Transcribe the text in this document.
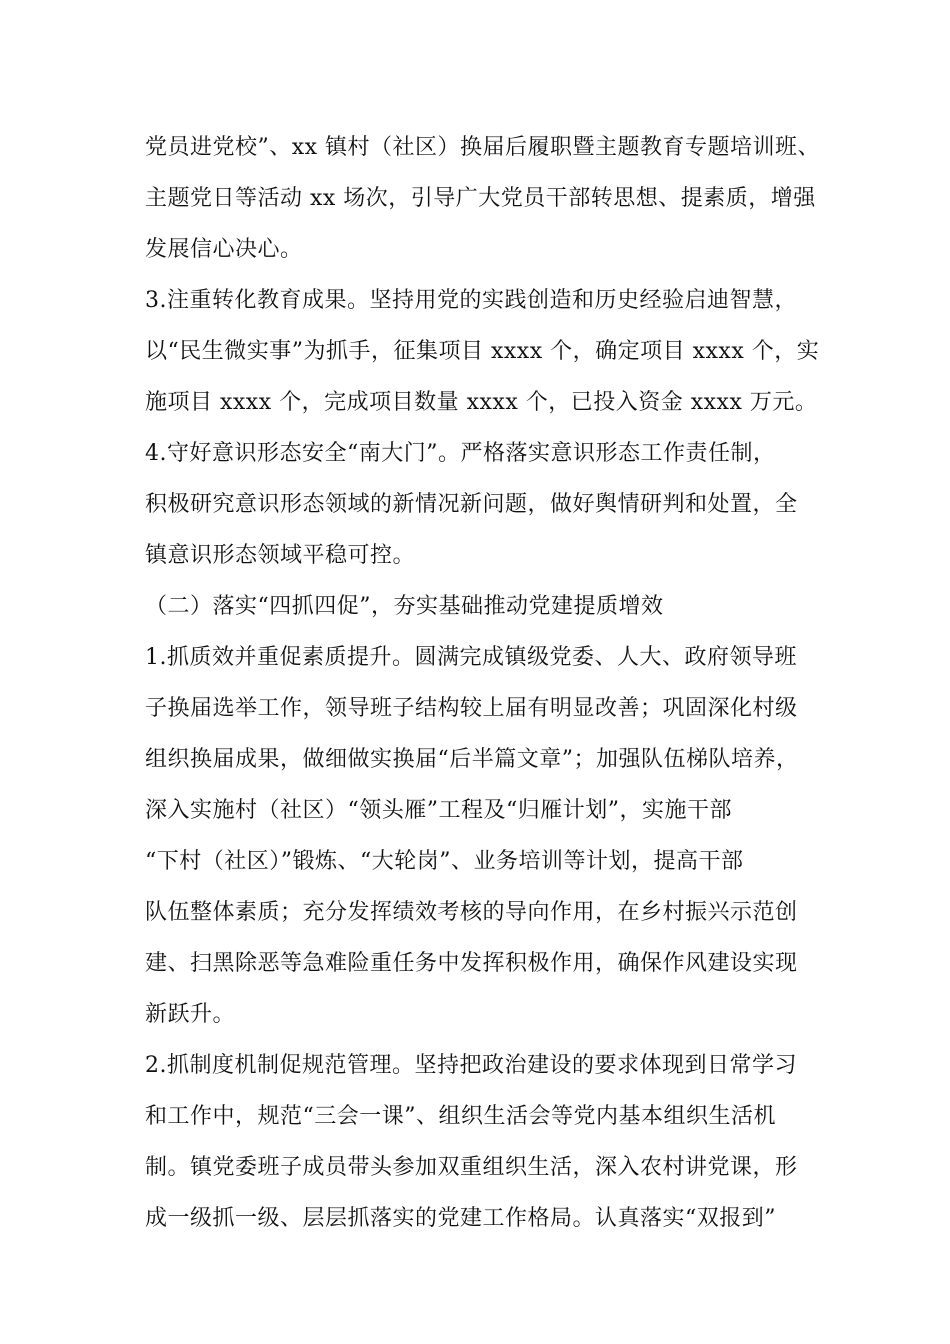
党员进党校”、xx 镇村（社区）换届后履职暨主题教育专题培训班、
主题党日等活动 xx 场次，引导广大党员干部转思想、提素质，增强
发展信心决心。
3.注重转化教育成果。坚持用党的实践创造和历史经验启迪智慧，
以“民生微实事”为抓手，征集项目 xxxx 个，确定项目 xxxx 个，实
施项目 xxxx 个，完成项目数量 xxxx 个，已投入资金 xxxx 万元。
4.守好意识形态安全“南大门”。严格落实意识形态工作责任制，
积极研究意识形态领域的新情况新问题，做好舆情研判和处置，全
镇意识形态领域平稳可控。
（二）落实“四抓四促”，夯实基础推动党建提质增效
1.抓质效并重促素质提升。圆满完成镇级党委、人大、政府领导班
子换届选举工作，领导班子结构较上届有明显改善；巩固深化村级
组织换届成果，做细做实换届“后半篇文章”；加强队伍梯队培养，
深入实施村（社区）“领头雁”工程及“归雁计划”，实施干部
“下村（社区）”锻炼、“大轮岗”、业务培训等计划，提高干部
队伍整体素质；充分发挥绩效考核的导向作用，在乡村振兴示范创
建、扫黑除恶等急难险重任务中发挥积极作用，确保作风建设实现
新跃升。
2.抓制度机制促规范管理。坚持把政治建设的要求体现到日常学习
和工作中，规范“三会一课”、组织生活会等党内基本组织生活机
制。镇党委班子成员带头参加双重组织生活，深入农村讲党课，形
成一级抓一级、层层抓落实的党建工作格局。认真落实“双报到”
